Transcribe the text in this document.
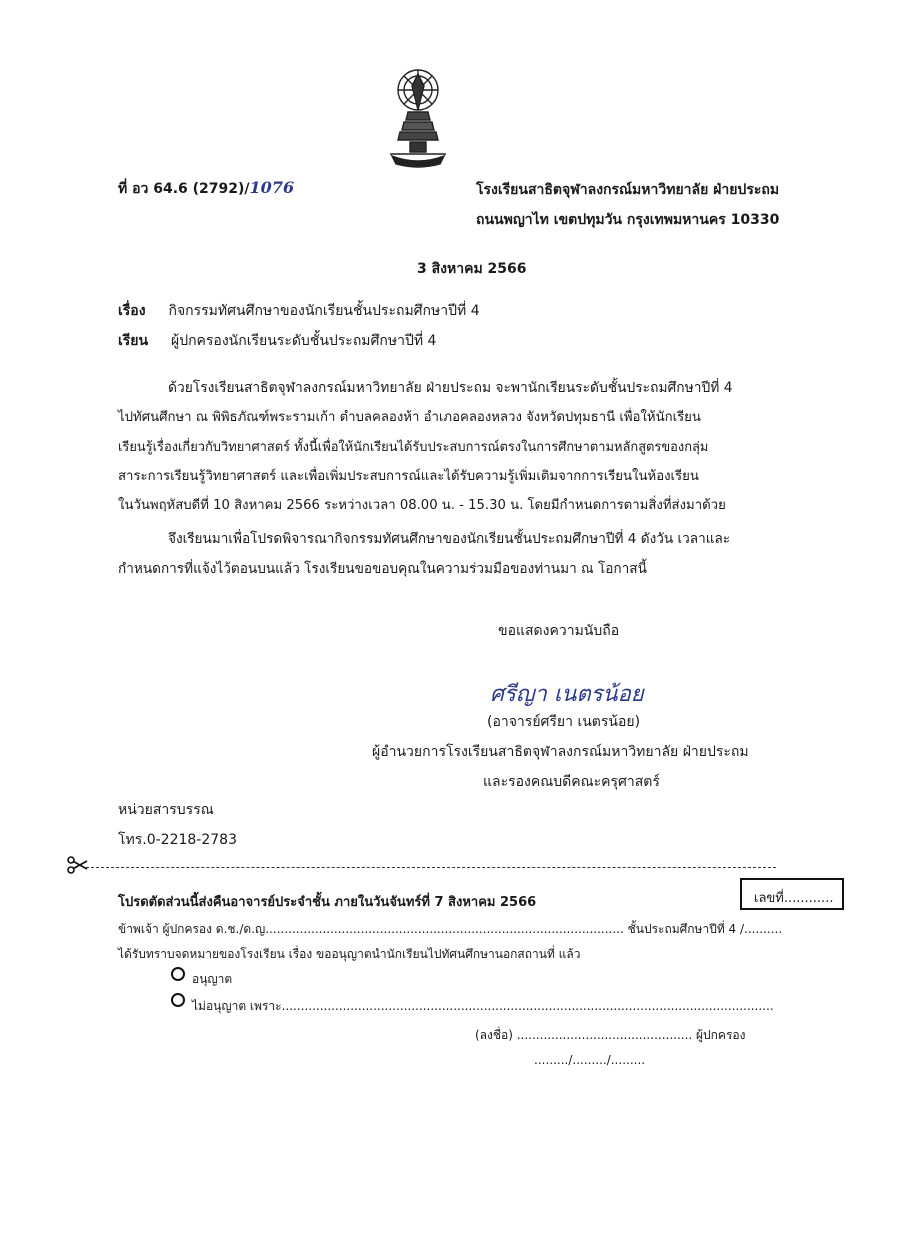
ที่ อว 64.6 (2792)/1076	โรงเรียนสาธิตจุฬาลงกรณ์มหาวิทยาลัย ฝ่ายประถม
ถนนพญาไท เขตปทุมวัน กรุงเทพมหานคร 10330
3 สิงหาคม 2566
เรื่อง กิจกรรมทัศนศึกษาของนักเรียนชั้นประถมศึกษาปีที่ 4
เรียน ผู้ปกครองนักเรียนระดับชั้นประถมศึกษาปีที่ 4
ด้วยโรงเรียนสาธิตจุฬาลงกรณ์มหาวิทยาลัย ฝ่ายประถม จะพานักเรียนระดับชั้นประถมศึกษาปีที่ 4
ไปทัศนศึกษา ณ พิพิธภัณฑ์พระรามเก้า ตำบลคลองห้า อำเภอคลองหลวง จังหวัดปทุมธานี เพื่อให้นักเรียน
เรียนรู้เรื่องเกี่ยวกับวิทยาศาสตร์ ทั้งนี้เพื่อให้นักเรียนได้รับประสบการณ์ตรงในการศึกษาตามหลักสูตรของกลุ่ม
สาระการเรียนรู้วิทยาศาสตร์ และเพื่อเพิ่มประสบการณ์และได้รับความรู้เพิ่มเติมจากการเรียนในห้องเรียน
ในวันพฤหัสบดีที่ 10 สิงหาคม 2566 ระหว่างเวลา 08.00 น. - 15.30 น. โดยมีกำหนดการตามสิ่งที่ส่งมาด้วย
จึงเรียนมาเพื่อโปรดพิจารณากิจกรรมทัศนศึกษาของนักเรียนชั้นประถมศึกษาปีที่ 4 ดังวัน เวลาและ
กำหนดการที่แจ้งไว้ตอนบนแล้ว โรงเรียนขอขอบคุณในความร่วมมือของท่านมา ณ โอกาสนี้
ขอแสดงความนับถือ
ศรีญา เนตรน้อย
(อาจารย์ศรียา เนตรน้อย)
ผู้อำนวยการโรงเรียนสาธิตจุฬาลงกรณ์มหาวิทยาลัย ฝ่ายประถม
และรองคณบดีคณะครุศาสตร์
หน่วยสารบรรณ
โทร.0-2218-2783
โปรดตัดส่วนนี้ส่งคืนอาจารย์ประจำชั้น ภายในวันจันทร์ที่ 7 สิงหาคม 2566	เลขที่............
ข้าพเจ้า ผู้ปกครอง ด.ช./ด.ญ.............................................................................................. ชั้นประถมศึกษาปีที่ 4 /..........
ได้รับทราบจดหมายของโรงเรียน เรื่อง ขออนุญาตนำนักเรียนไปทัศนศึกษานอกสถานที่ แล้ว
อนุญาต
ไม่อนุญาต เพราะ.................................................................................................................................
(ลงชื่อ) .............................................. ผู้ปกครอง
........./........./.........
